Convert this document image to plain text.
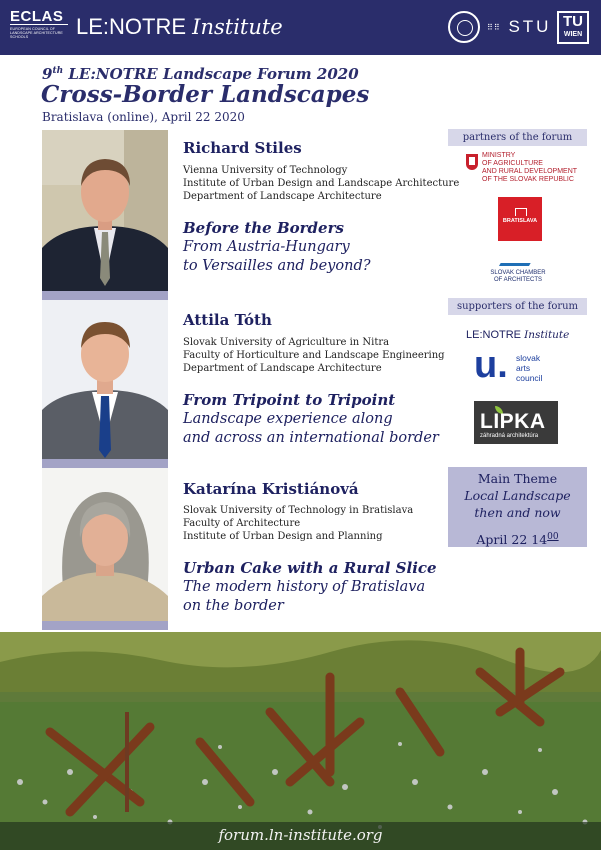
ECLAS
EUROPEAN COUNCIL OF LANDSCAPE ARCHITECTURE SCHOOLS	LE:NOTRE Institute	⠿⠿ STU TU
WIEN
9th LE:NOTRE Landscape Forum 2020
Cross-Border Landscapes
Bratislava (online), April 22 2020
Richard Stiles
Vienna University of Technology
Institute of Urban Design and Landscape Architecture
Department of Landscape Architecture
Before the Borders
From Austria-Hungary
to Versailles and beyond?
Attila Tóth
Slovak University of Agriculture in Nitra
Faculty of Horticulture and Landscape Engineering
Department of Landscape Architecture
From Tripoint to Tripoint
Landscape experience along
and across an international border
Katarína Kristiánová
Slovak University of Technology in Bratislava
Faculty of Architecture
Institute of Urban Design and Planning
Urban Cake with a Rural Slice
The modern history of Bratislava
on the border
partners of the forum
MINISTRY
OF AGRICULTURE
AND RURAL DEVELOPMENT
OF THE SLOVAK REPUBLIC
BRATISLAVA
SLOVAK CHAMBER
OF ARCHITECTS
supporters of the forum
LE:NOTRE Institute
u. slovak
arts
council
LIPKA
záhradná architektúra
Main Theme
Local Landscape
then and now
April 22 $14^{00}$
forum.ln-institute.org
